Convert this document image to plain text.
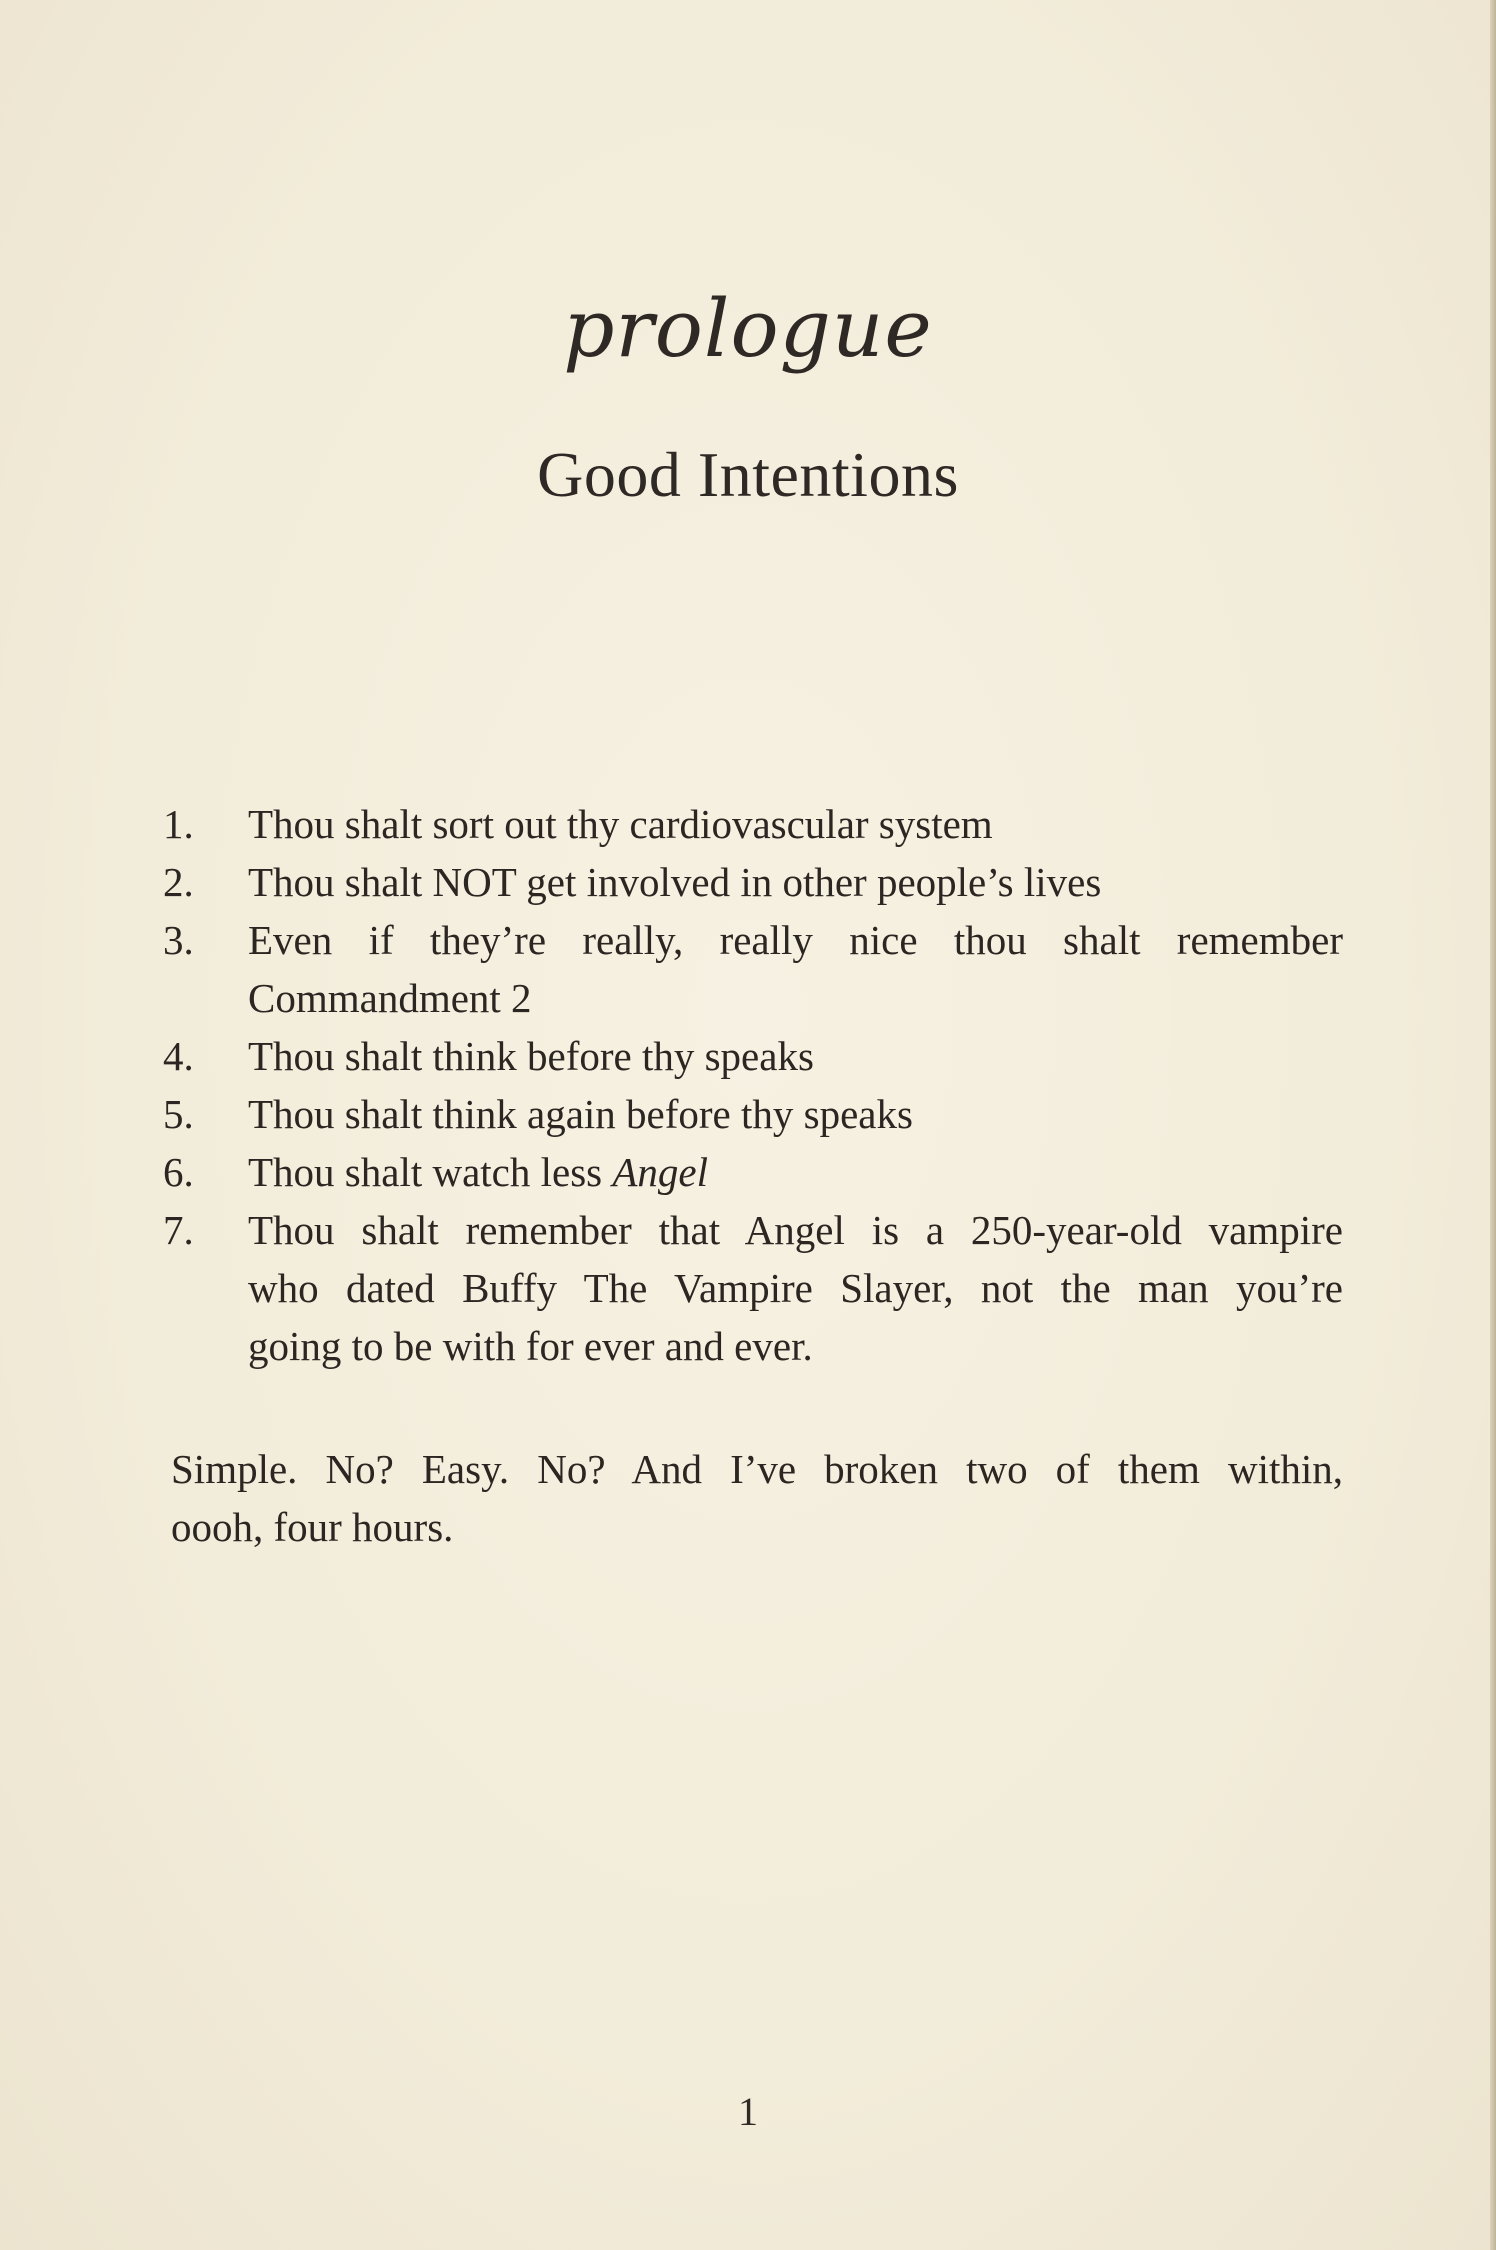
prologue
Good Intentions
1.	Thou shalt sort out thy cardiovascular system
2.	Thou shalt NOT get involved in other people’s lives
3.	Even if they’re really, really nice thou shalt remember
Commandment 2
4.	Thou shalt think before thy speaks
5.	Thou shalt think again before thy speaks
6.	Thou shalt watch less Angel
7.	Thou shalt remember that Angel is a 250-year-old vampire
who dated Buffy The Vampire Slayer, not the man you’re
going to be with for ever and ever.

Simple. No? Easy. No? And I’ve broken two of them within,
oooh, four hours.

1
